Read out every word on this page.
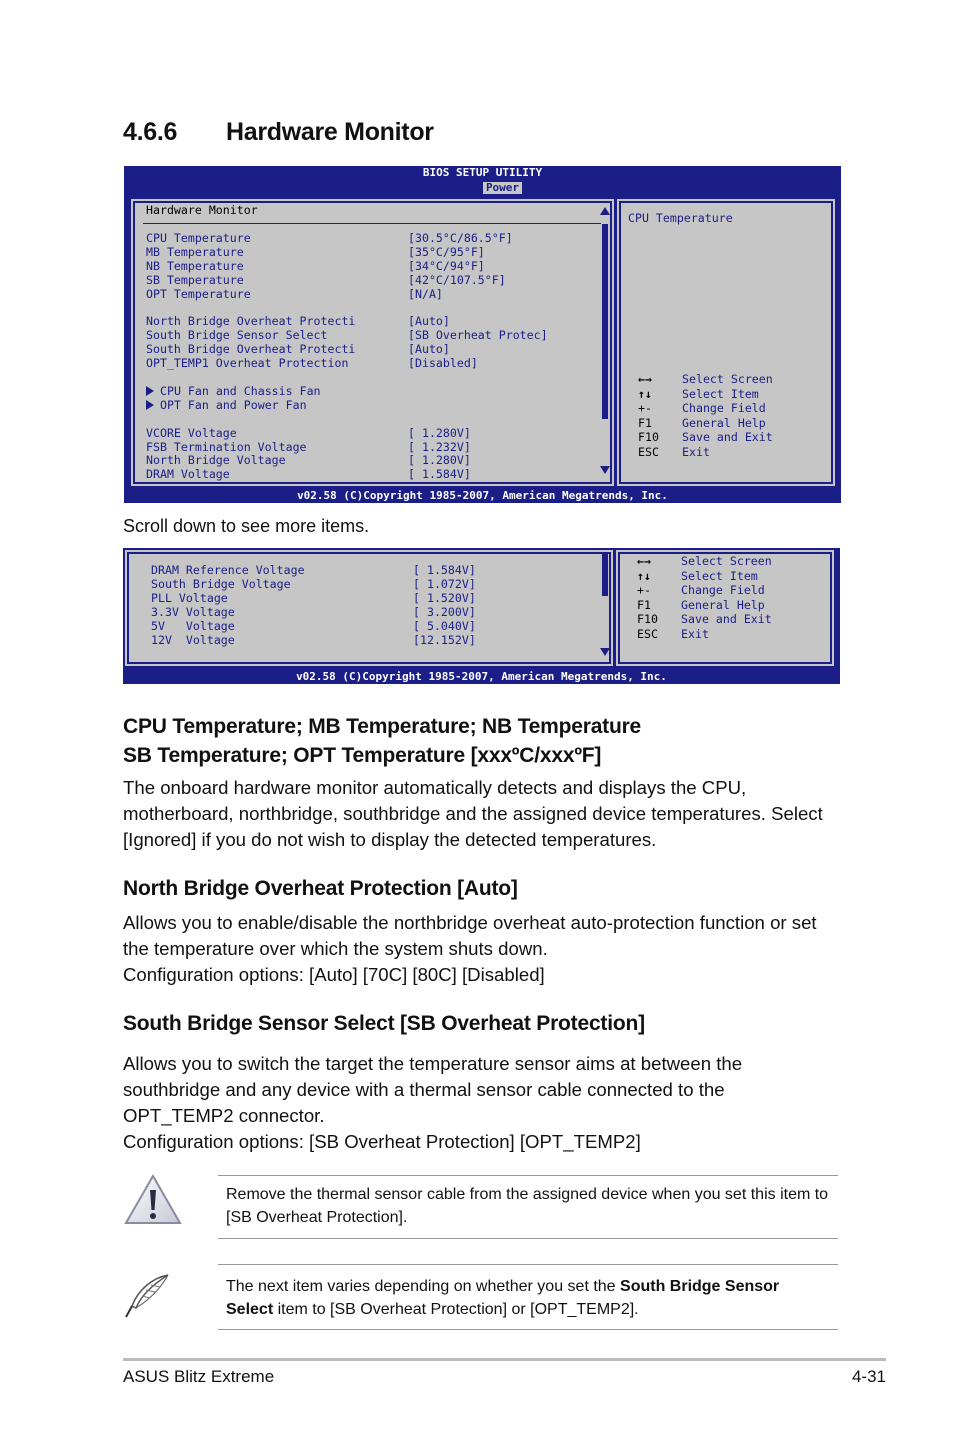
4.6.6 Hardware Monitor
BIOS SETUP UTILITY
Power
Hardware Monitor
CPU Temperature	[30.5°C/86.5°F]
MB Temperature	[35°C/95°F]
NB Temperature	[34°C/94°F]
SB Temperature	[42°C/107.5°F]
OPT Temperature	[N/A]
North Bridge Overheat Protecti	[Auto]
South Bridge Sensor Select	[SB Overheat Protec]
South Bridge Overheat Protecti	[Auto]
OPT_TEMP1 Overheat Protection	[Disabled]
CPU Fan and Chassis Fan
OPT Fan and Power Fan
VCORE Voltage	[ 1.280V]
FSB Termination Voltage	[ 1.232V]
North Bridge Voltage	[ 1.280V]
DRAM Voltage	[ 1.584V]
CPU Temperature
←→	Select Screen
↑↓	Select Item
+-	Change Field
F1	General Help
F10 Save and Exit
ESC Exit
v02.58 (C)Copyright 1985-2007, American Megatrends, Inc.
Scroll down to see more items.
DRAM Reference Voltage	[ 1.584V]
South Bridge Voltage	[ 1.072V]
PLL Voltage	[ 1.520V]
3.3V Voltage	[ 3.200V]
5V   Voltage	[ 5.040V]
12V  Voltage	[12.152V]
←→	Select Screen
↑↓	Select Item
+-	Change Field
F1	General Help
F10 Save and Exit
ESC Exit
v02.58 (C)Copyright 1985-2007, American Megatrends, Inc.
CPU Temperature; MB Temperature; NB Temperature
SB Temperature; OPT Temperature [xxxºC/xxxºF]
The onboard hardware monitor automatically detects and displays the CPU, motherboard, northbridge, southbridge and the assigned device temperatures. Select [Ignored] if you do not wish to display the detected temperatures.
North Bridge Overheat Protection [Auto]
Allows you to enable/disable the northbridge overheat auto-protection function or set the temperature over which the system shuts down.
Configuration options: [Auto] [70C] [80C] [Disabled]
South Bridge Sensor Select [SB Overheat Protection]
Allows you to switch the target the temperature sensor aims at between the southbridge and any device with a thermal sensor cable connected to the OPT_TEMP2 connector.
Configuration options: [SB Overheat Protection] [OPT_TEMP2]
Remove the thermal sensor cable from the assigned device when you set this item to [SB Overheat Protection].
The next item varies depending on whether you set the South Bridge Sensor Select item to [SB Overheat Protection] or [OPT_TEMP2].
ASUS Blitz Extreme	4-31
